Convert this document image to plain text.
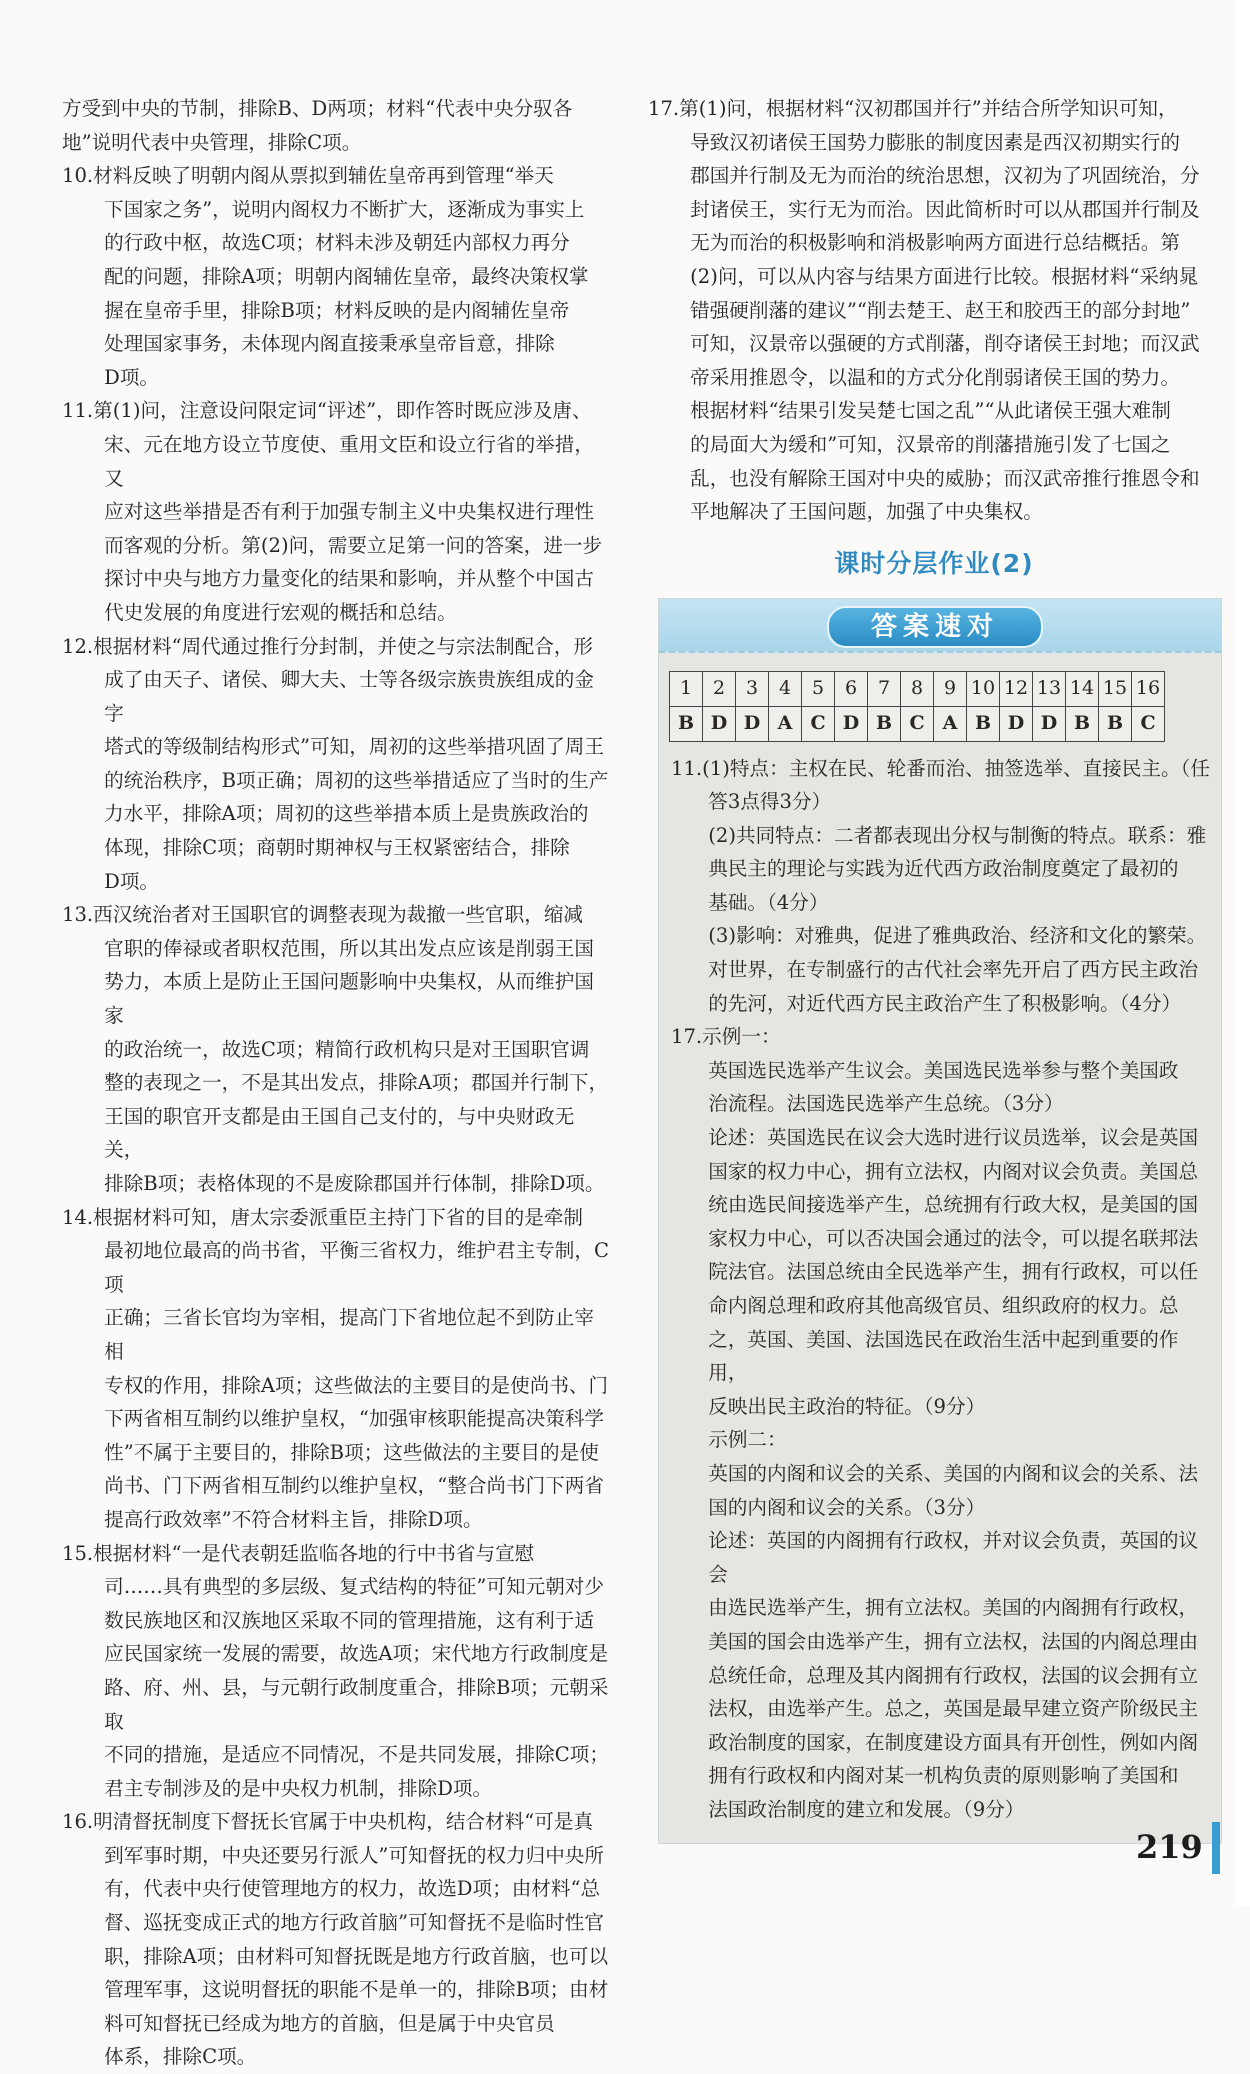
方受到中央的节制，排除B、D两项；材料“代表中央分驭各
地”说明代表中央管理，排除C项。

10.材料反映了明朝内阁从票拟到辅佐皇帝再到管理“举天
下国家之务”，说明内阁权力不断扩大，逐渐成为事实上
的行政中枢，故选C项；材料未涉及朝廷内部权力再分
配的问题，排除A项；明朝内阁辅佐皇帝，最终决策权掌
握在皇帝手里，排除B项；材料反映的是内阁辅佐皇帝
处理国家事务，未体现内阁直接秉承皇帝旨意，排除
D项。

11.第(1)问，注意设问限定词“评述”，即作答时既应涉及唐、
宋、元在地方设立节度使、重用文臣和设立行省的举措，又
应对这些举措是否有利于加强专制主义中央集权进行理性
而客观的分析。第(2)问，需要立足第一问的答案，进一步
探讨中央与地方力量变化的结果和影响，并从整个中国古
代史发展的角度进行宏观的概括和总结。

12.根据材料“周代通过推行分封制，并使之与宗法制配合，形
成了由天子、诸侯、卿大夫、士等各级宗族贵族组成的金字
塔式的等级制结构形式”可知，周初的这些举措巩固了周王
的统治秩序，B项正确；周初的这些举措适应了当时的生产
力水平，排除A项；周初的这些举措本质上是贵族政治的
体现，排除C项；商朝时期神权与王权紧密结合，排除
D项。

13.西汉统治者对王国职官的调整表现为裁撤一些官职，缩减
官职的俸禄或者职权范围，所以其出发点应该是削弱王国
势力，本质上是防止王国问题影响中央集权，从而维护国家
的政治统一，故选C项；精简行政机构只是对王国职官调
整的表现之一，不是其出发点，排除A项；郡国并行制下，
王国的职官开支都是由王国自己支付的，与中央财政无关，
排除B项；表格体现的不是废除郡国并行体制，排除D项。

14.根据材料可知，唐太宗委派重臣主持门下省的目的是牵制
最初地位最高的尚书省，平衡三省权力，维护君主专制，C项
正确；三省长官均为宰相，提高门下省地位起不到防止宰相
专权的作用，排除A项；这些做法的主要目的是使尚书、门
下两省相互制约以维护皇权，“加强审核职能提高决策科学
性”不属于主要目的，排除B项；这些做法的主要目的是使
尚书、门下两省相互制约以维护皇权，“整合尚书门下两省
提高行政效率”不符合材料主旨，排除D项。

15.根据材料“一是代表朝廷监临各地的行中书省与宣慰
司……具有典型的多层级、复式结构的特征”可知元朝对少
数民族地区和汉族地区采取不同的管理措施，这有利于适
应民国家统一发展的需要，故选A项；宋代地方行政制度是
路、府、州、县，与元朝行政制度重合，排除B项；元朝采取
不同的措施，是适应不同情况，不是共同发展，排除C项；
君主专制涉及的是中央权力机制，排除D项。

16.明清督抚制度下督抚长官属于中央机构，结合材料“可是真
到军事时期，中央还要另行派人”可知督抚的权力归中央所
有，代表中央行使管理地方的权力，故选D项；由材料“总
督、巡抚变成正式的地方行政首脑”可知督抚不是临时性官
职，排除A项；由材料可知督抚既是地方行政首脑，也可以
管理军事，这说明督抚的职能不是单一的，排除B项；由材
料可知督抚已经成为地方的首脑，但是属于中央官员
体系，排除C项。

17.第(1)问，根据材料“汉初郡国并行”并结合所学知识可知，
导致汉初诸侯王国势力膨胀的制度因素是西汉初期实行的
郡国并行制及无为而治的统治思想，汉初为了巩固统治，分
封诸侯王，实行无为而治。因此简析时可以从郡国并行制及
无为而治的积极影响和消极影响两方面进行总结概括。第
(2)问，可以从内容与结果方面进行比较。根据材料“采纳晁
错强硬削藩的建议”“削去楚王、赵王和胶西王的部分封地”
可知，汉景帝以强硬的方式削藩，削夺诸侯王封地；而汉武
帝采用推恩令，以温和的方式分化削弱诸侯王国的势力。
根据材料“结果引发吴楚七国之乱”“从此诸侯王强大难制
的局面大为缓和”可知，汉景帝的削藩措施引发了七国之
乱，也没有解除王国对中央的威胁；而汉武帝推行推恩令和
平地解决了王国问题，加强了中央集权。

课时分层作业(2)
答案速对
1	2	3	4	5	6	7	8	9	10	12	13	14	15	16
B	D	D	A	C	D	B	C	A	B	D	D	B	B	C

11.(1)特点：主权在民、轮番而治、抽签选举、直接民主。（任

答3点得3分）

(2)共同特点：二者都表现出分权与制衡的特点。联系：雅

典民主的理论与实践为近代西方政治制度奠定了最初的

基础。（4分）

(3)影响：对雅典，促进了雅典政治、经济和文化的繁荣。

对世界，在专制盛行的古代社会率先开启了西方民主政治

的先河，对近代西方民主政治产生了积极影响。（4分）

17.示例一：

英国选民选举产生议会。美国选民选举参与整个美国政

治流程。法国选民选举产生总统。（3分）

论述：英国选民在议会大选时进行议员选举，议会是英国

国家的权力中心，拥有立法权，内阁对议会负责。美国总

统由选民间接选举产生，总统拥有行政大权，是美国的国

家权力中心，可以否决国会通过的法令，可以提名联邦法

院法官。法国总统由全民选举产生，拥有行政权，可以任

命内阁总理和政府其他高级官员、组织政府的权力。总

之，英国、美国、法国选民在政治生活中起到重要的作用，

反映出民主政治的特征。（9分）

示例二：

英国的内阁和议会的关系、美国的内阁和议会的关系、法

国的内阁和议会的关系。（3分）

论述：英国的内阁拥有行政权，并对议会负责，英国的议会

由选民选举产生，拥有立法权。美国的内阁拥有行政权，

美国的国会由选举产生，拥有立法权，法国的内阁总理由

总统任命，总理及其内阁拥有行政权，法国的议会拥有立

法权，由选举产生。总之，英国是最早建立资产阶级民主

政治制度的国家，在制度建设方面具有开创性，例如内阁

拥有行政权和内阁对某一机构负责的原则影响了美国和

法国政治制度的建立和发展。（9分）

219
